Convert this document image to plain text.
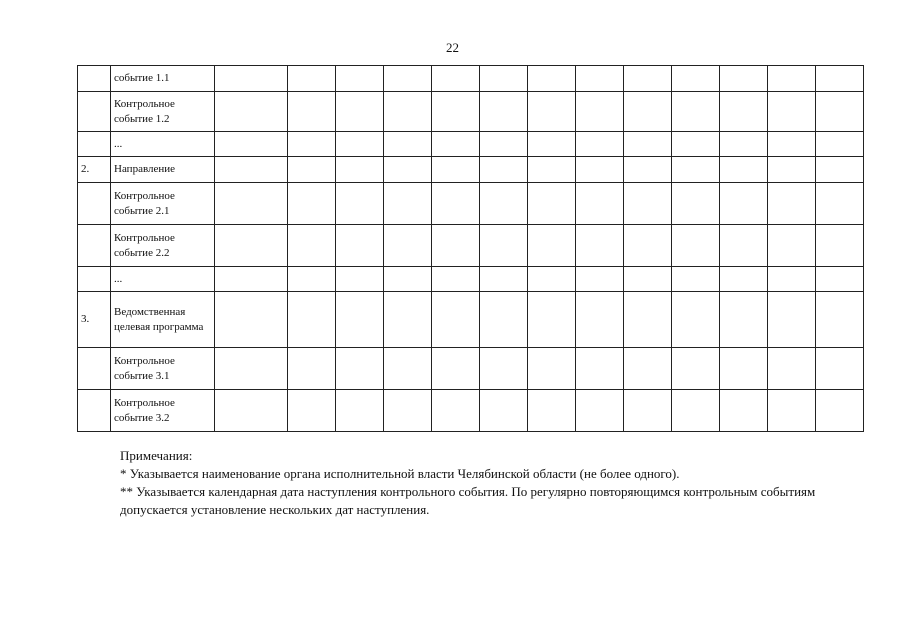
22
	событие 1.1													
	Контрольное событие 1.2													
	...													
2.	Направление													
	Контрольное событие 2.1													
	Контрольное событие 2.2													
	...													
3.	Ведомственная целевая программа													
	Контрольное событие 3.1													
	Контрольное событие 3.2													

Примечания:

* Указывается наименование органа исполнительной власти Челябинской области (не более одного).

** Указывается календарная дата наступления контрольного события. По регулярно повторяющимся контрольным событиям допускается установление нескольких дат наступления.
